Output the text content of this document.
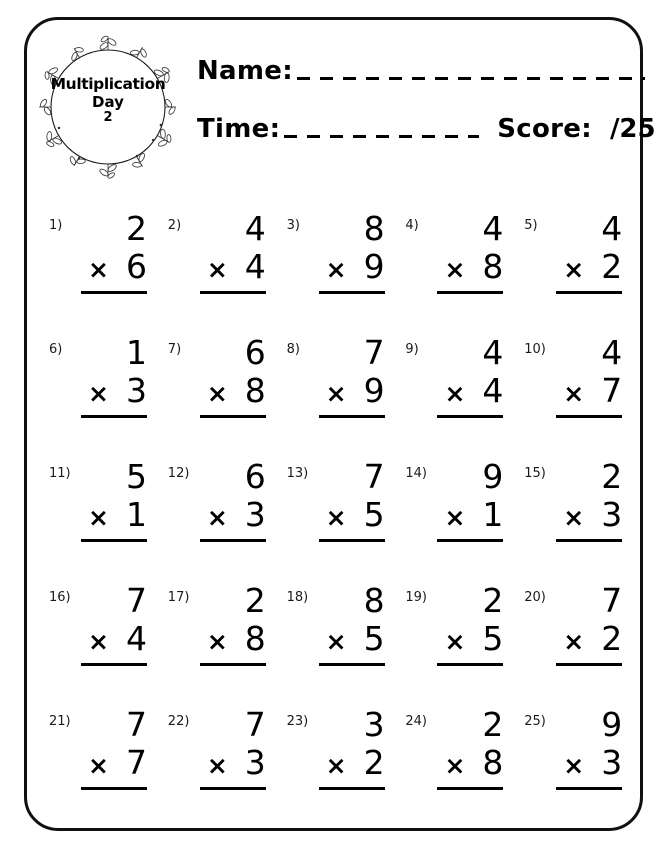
Multiplication
Day
2
Name:
Time:	Score: /25
1) 2
× 6
2) 4
× 4
3) 8
× 9
4) 4
× 8
5) 4
× 2
6) 1
× 3
7) 6
× 8
8) 7
× 9
9) 4
× 4
10) 4
× 7
11) 5
× 1
12) 6
× 3
13) 7
× 5
14) 9
× 1
15) 2
× 3
16) 7
× 4
17) 2
× 8
18) 8
× 5
19) 2
× 5
20) 7
× 2
21) 7
× 7
22) 7
× 3
23) 3
× 2
24) 2
× 8
25) 9
× 3
